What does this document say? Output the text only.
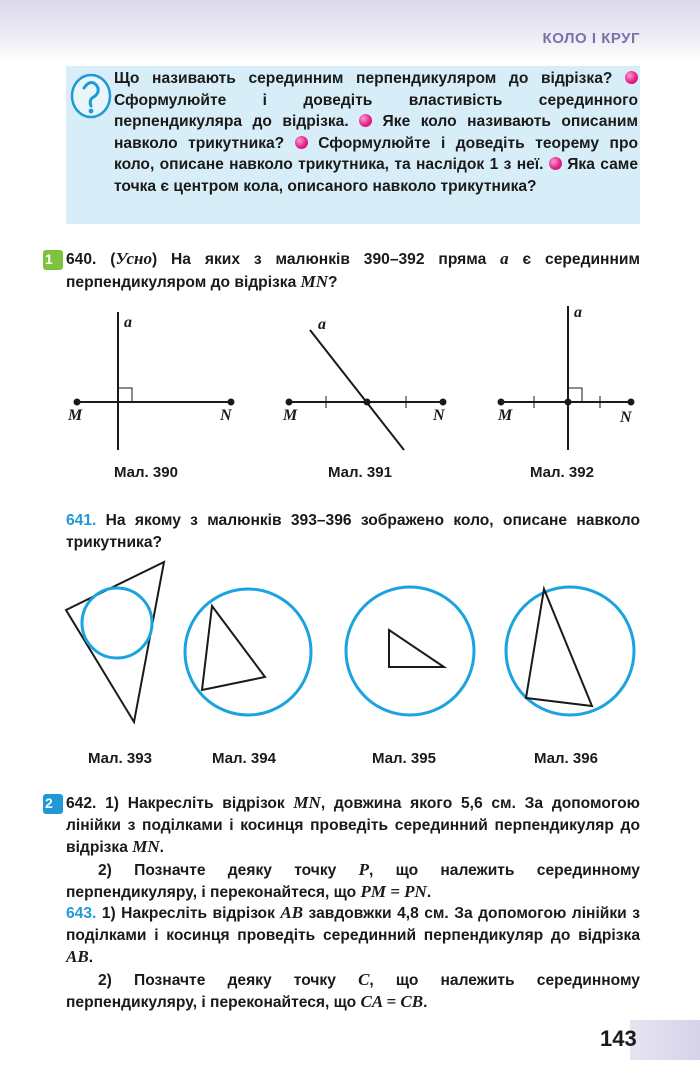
КОЛО І КРУГ
Що називають серединним перпендикуляром до відрізка?  Сформулюйте і доведіть властивість серединного перпендикуляра до відрізка.  Яке коло називають описаним навколо трикутника?  Сформулюйте і доведіть теорему про коло, описане навколо трикутника, та наслідок 1 з неї.  Яка саме точка є центром кола, описаного навколо трикутника?
1 640. (Усно) На яких з малюнків 390–392 пряма a є серединним перпендикуляром до відрізка MN?
641. На якому з малюнків 393–396 зображено коло, описане навколо трикутника?
a
M	N
a
M	N
a
M	N
Мал. 390	Мал. 391	Мал. 392
Мал. 393	Мал. 394	Мал. 395	Мал. 396
2 642. 1) Накресліть відрізок MN, довжина якого 5,6 см. За допомогою лінійки з поділками і косинця проведіть серединний перпендикуляр до відрізка MN.
2) Позначте деяку точку P, що належить серединному перпендикуляру, і переконайтеся, що PM = PN.
643. 1) Накресліть відрізок AB завдовжки 4,8 см. За допомогою лінійки з поділками і косинця проведіть серединний перпендикуляр до відрізка AB.
2) Позначте деяку точку C, що належить серединному перпендикуляру, і переконайтеся, що CA = CB.
143
